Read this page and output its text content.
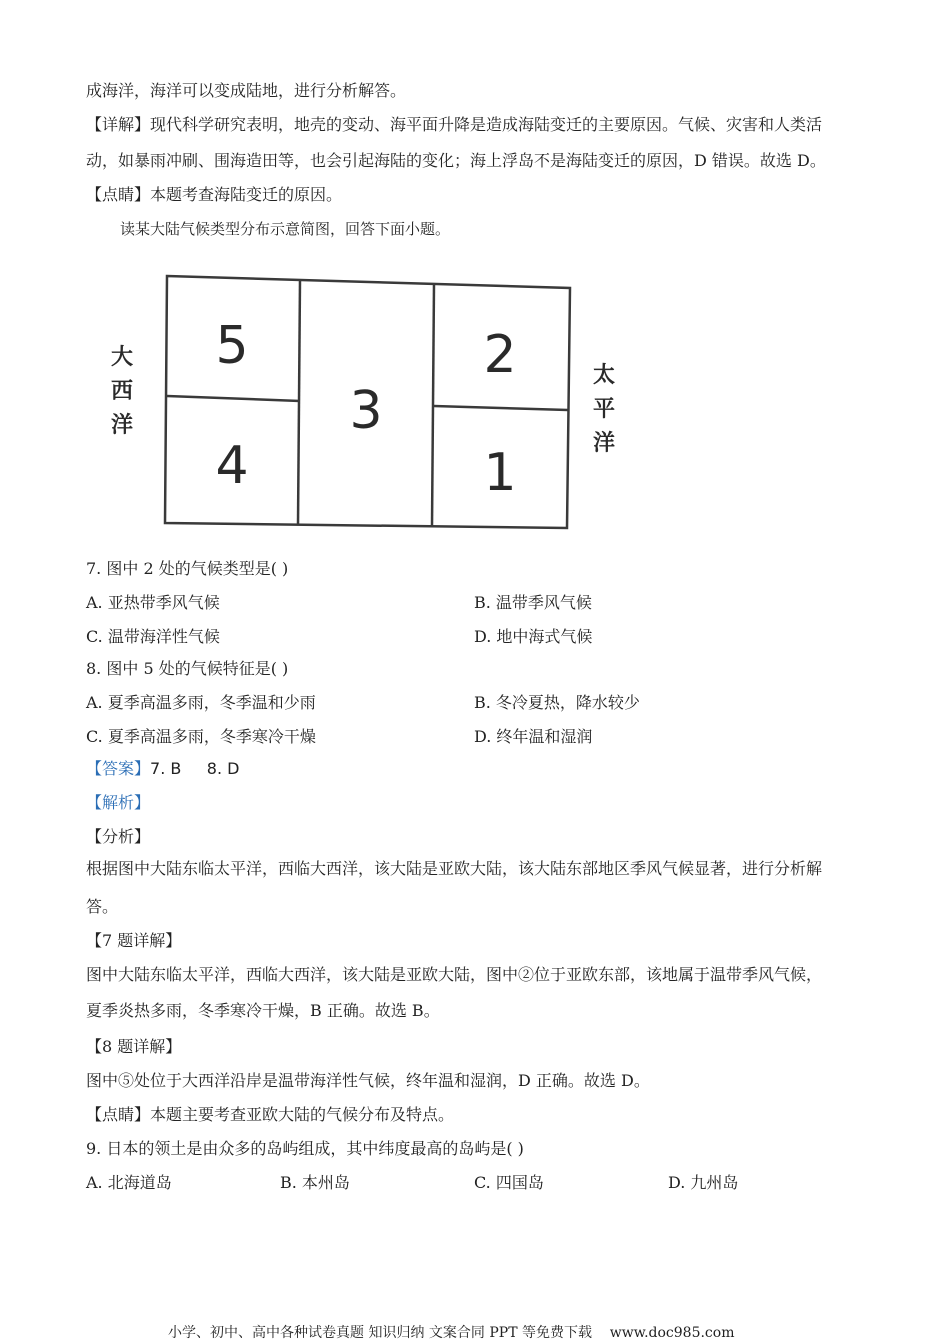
成海洋，海洋可以变成陆地，进行分析解答。
【详解】现代科学研究表明，地壳的变动、海平面升降是造成海陆变迁的主要原因。气候、灾害和人类活
动，如暴雨冲刷、围海造田等，也会引起海陆的变化；海上浮岛不是海陆变迁的原因，D 错误。故选 D。
【点睛】本题考查海陆变迁的原因。
读某大陆气候类型分布示意简图，回答下面小题。
5
4
3
2
1
大
西
洋
太
平
洋
7. 图中 2 处的气候类型是( )
A. 亚热带季风气候	B. 温带季风气候
C. 温带海洋性气候	D. 地中海式气候
8. 图中 5 处的气候特征是( )
A. 夏季高温多雨，冬季温和少雨	B. 冬冷夏热，降水较少
C. 夏季高温多雨，冬季寒冷干燥	D. 终年温和湿润
【答案】7. B     8. D
【解析】
【分析】
根据图中大陆东临太平洋，西临大西洋，该大陆是亚欧大陆，该大陆东部地区季风气候显著，进行分析解
答。
【7 题详解】
图中大陆东临太平洋，西临大西洋，该大陆是亚欧大陆，图中②位于亚欧东部，该地属于温带季风气候，
夏季炎热多雨，冬季寒冷干燥，B 正确。故选 B。
【8 题详解】
图中⑤处位于大西洋沿岸是温带海洋性气候，终年温和湿润，D 正确。故选 D。
【点睛】本题主要考查亚欧大陆的气候分布及特点。
9. 日本的领土是由众多的岛屿组成，其中纬度最高的岛屿是( )
A. 北海道岛	B. 本州岛	C. 四国岛	D. 九州岛
小学、初中、高中各种试卷真题 知识归纳 文案合同 PPT 等免费下载    www.doc985.com
